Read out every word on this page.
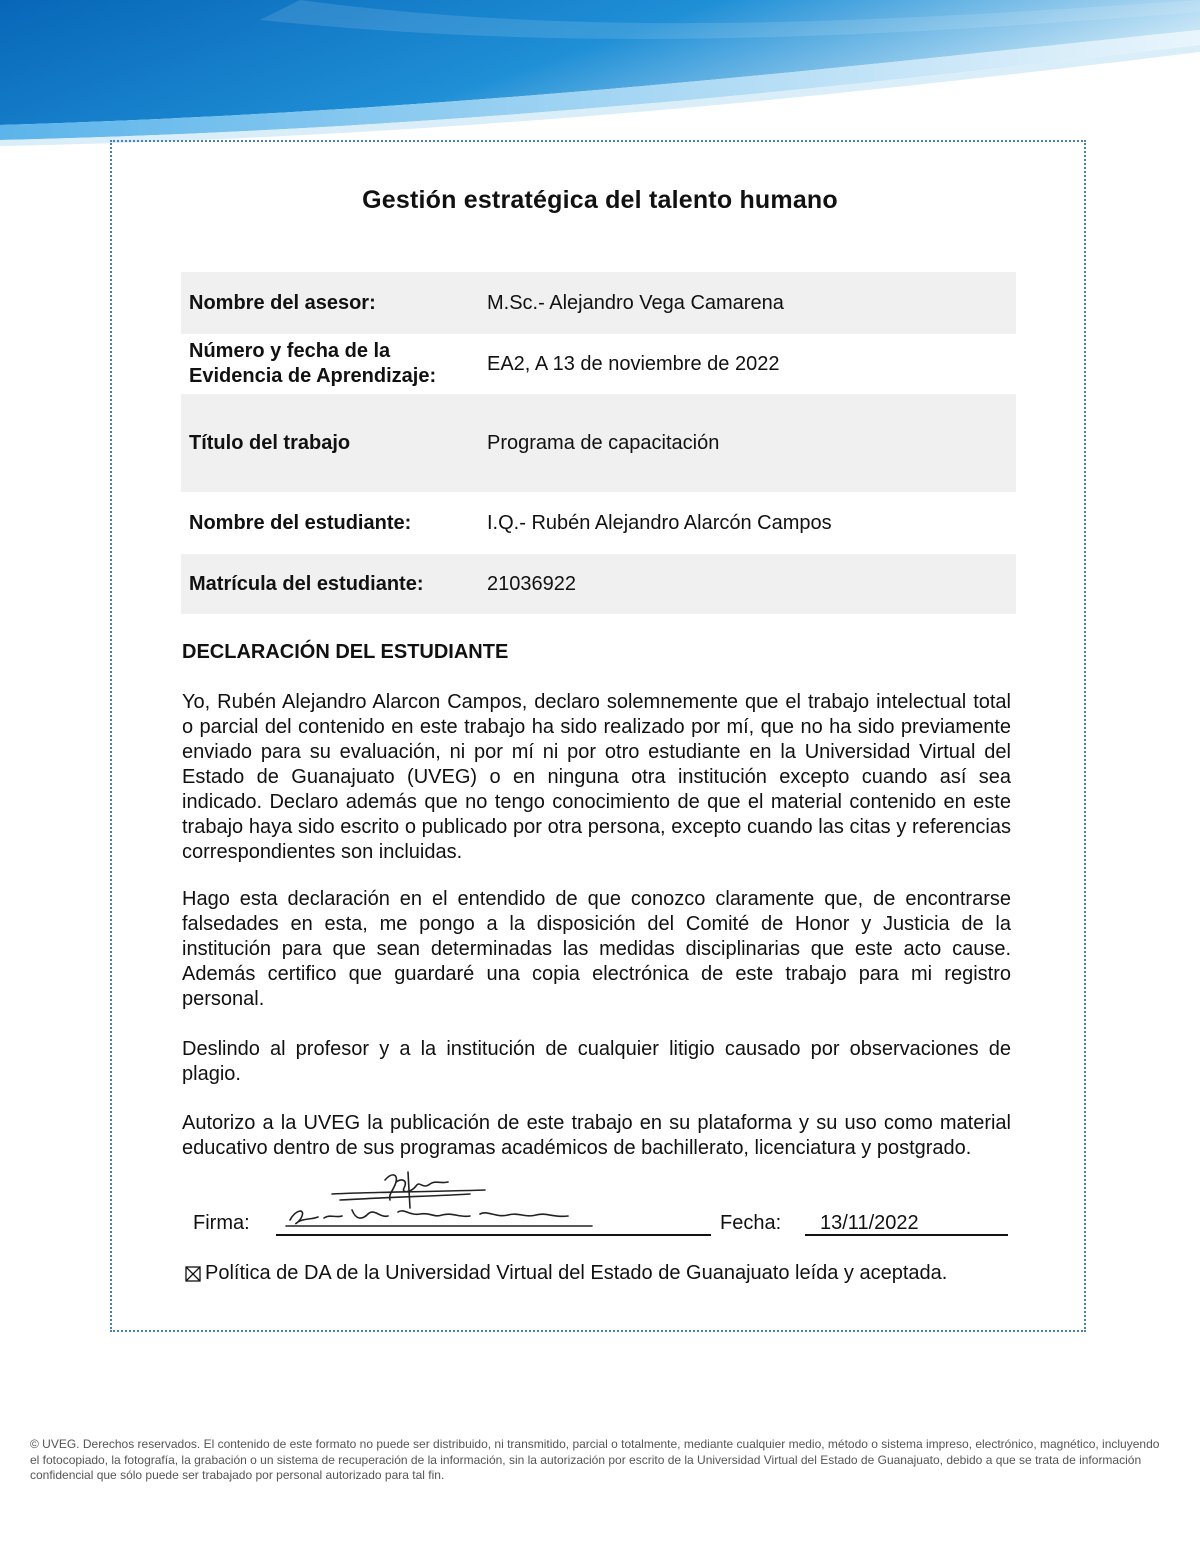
Gestión estratégica del talento humano
Nombre del asesor:	M.Sc.- Alejandro Vega Camarena
Número y fecha de la Evidencia de Aprendizaje:	EA2, A 13 de noviembre de 2022
Título del trabajo	Programa de capacitación
Nombre del estudiante:	I.Q.- Rubén Alejandro Alarcón Campos
Matrícula del estudiante:	21036922
DECLARACIÓN DEL ESTUDIANTE

Yo, Rubén Alejandro Alarcon Campos, declaro solemnemente que el trabajo intelectual total o parcial del contenido en este trabajo ha sido realizado por mí, que no ha sido previamente enviado para su evaluación, ni por mí ni por otro estudiante en la Universidad Virtual del Estado de Guanajuato (UVEG) o en ninguna otra institución excepto cuando así sea indicado. Declaro además que no tengo conocimiento de que el material contenido en este trabajo haya sido escrito o publicado por otra persona, excepto cuando las citas y referencias correspondientes son incluidas.

Hago esta declaración en el entendido de que conozco claramente que, de encontrarse falsedades en esta, me pongo a la disposición del Comité de Honor y Justicia de la institución para que sean determinadas las medidas disciplinarias que este acto cause. Además certifico que guardaré una copia electrónica de este trabajo para mi registro personal.

Deslindo al profesor y a la institución de cualquier litigio causado por observaciones de plagio.

Autorizo a la UVEG la publicación de este trabajo en su plataforma y su uso como material educativo dentro de sus programas académicos de bachillerato, licenciatura y postgrado.

Firma:	Fecha: 13/11/2022
Política de DA de la Universidad Virtual del Estado de Guanajuato leída y aceptada.

© UVEG. Derechos reservados. El contenido de este formato no puede ser distribuido, ni transmitido, parcial o totalmente, mediante cualquier medio, método o sistema impreso, electrónico, magnético, incluyendo el fotocopiado, la fotografía, la grabación o un sistema de recuperación de la información, sin la autorización por escrito de la Universidad Virtual del Estado de Guanajuato, debido a que se trata de información confidencial que sólo puede ser trabajado por personal autorizado para tal fin.
